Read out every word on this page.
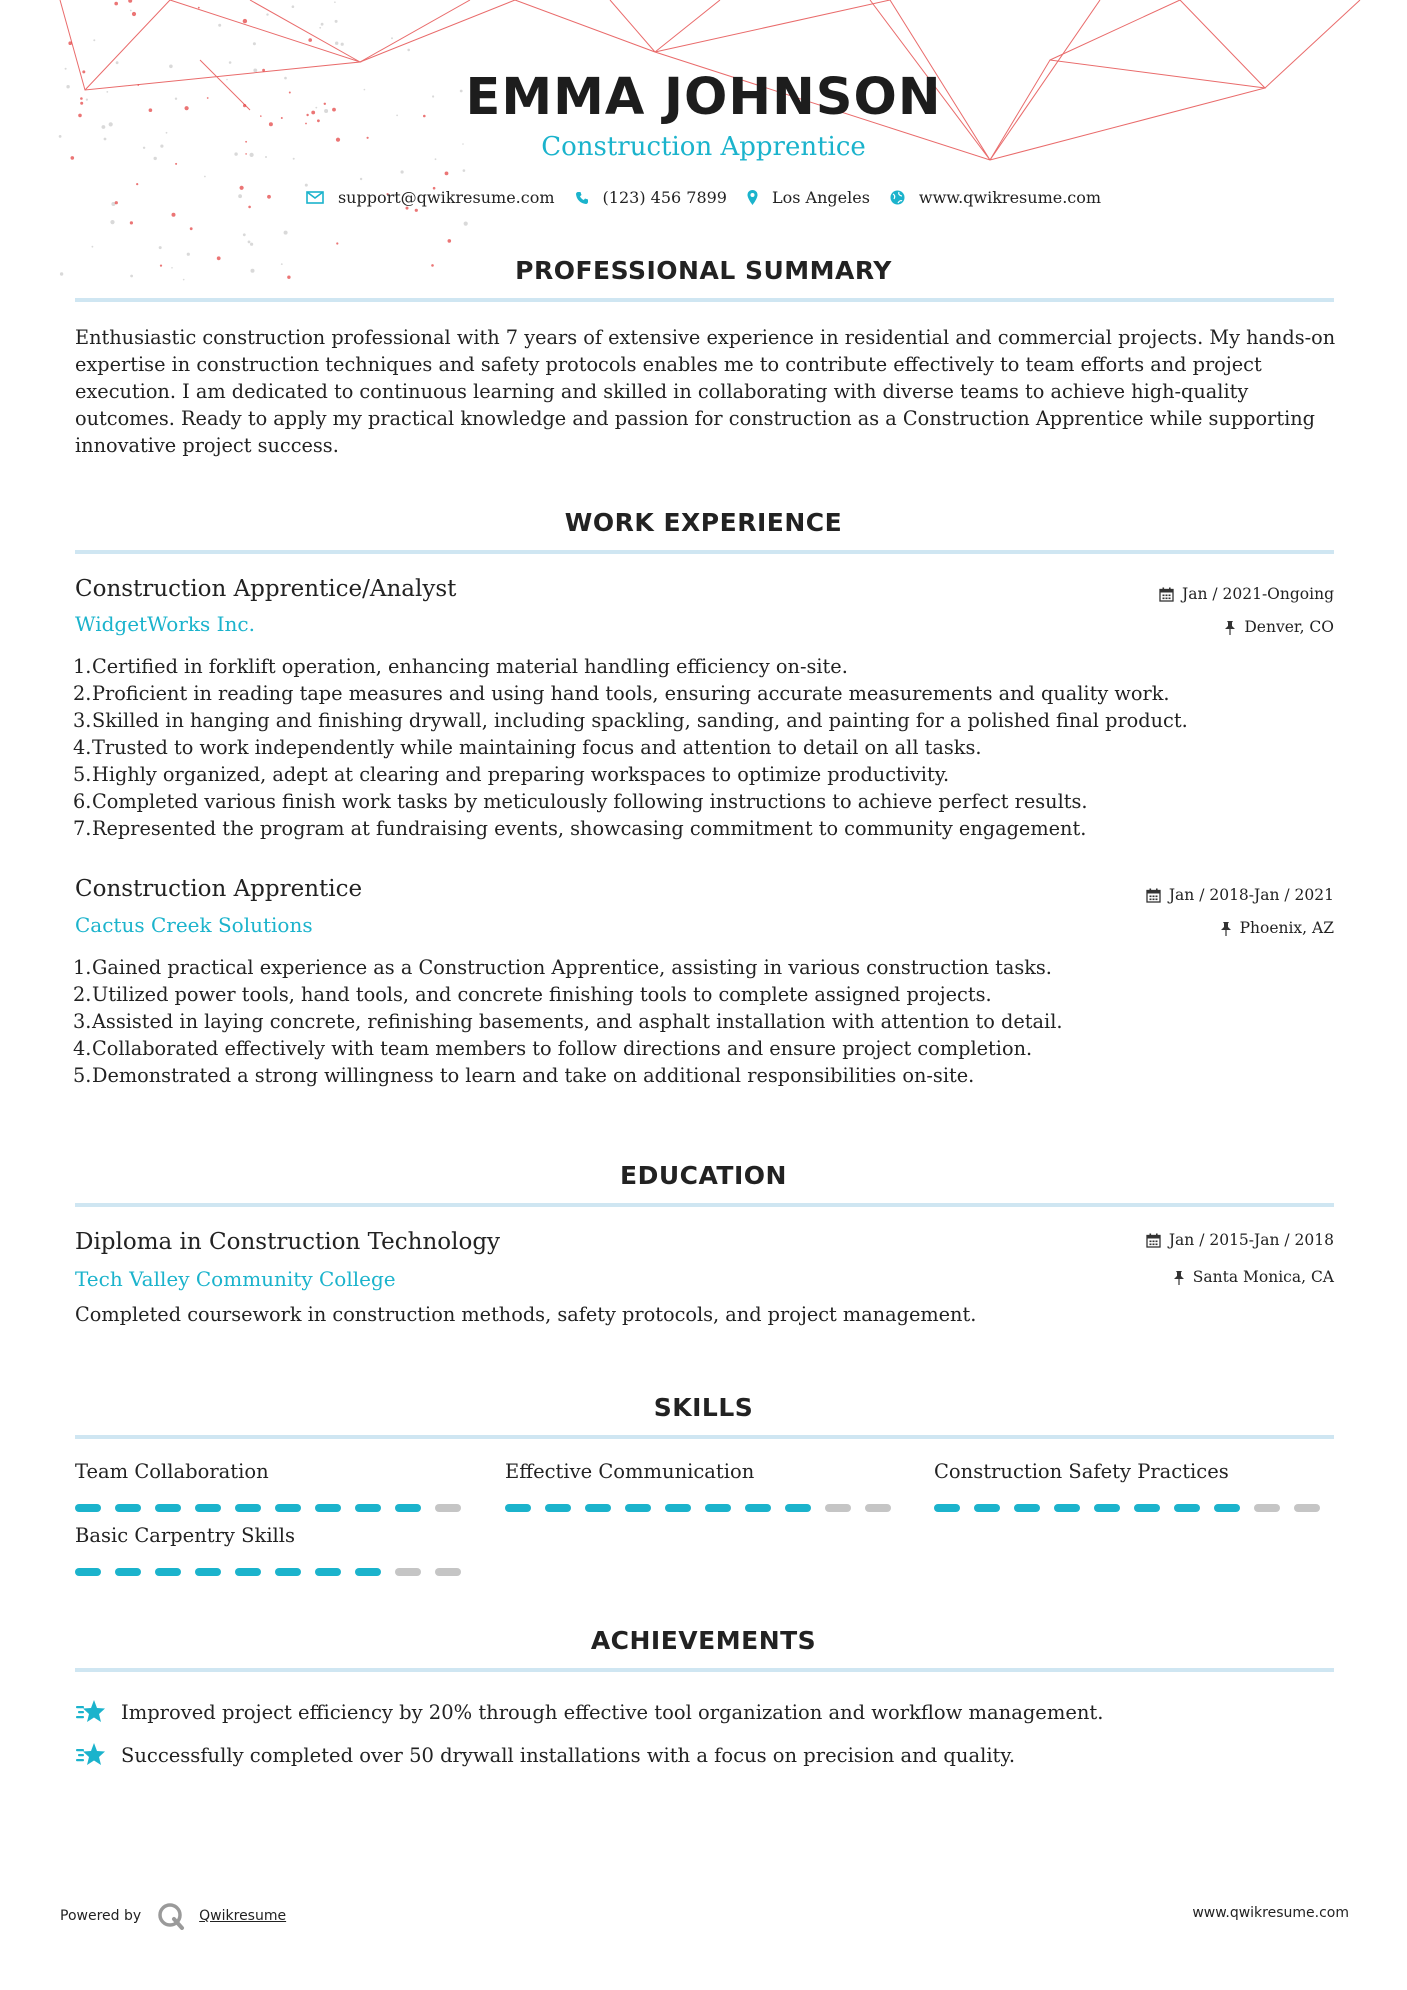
EMMA JOHNSON
Construction Apprentice
support@qwikresume.com	(123) 456 7899	Los Angeles	www.qwikresume.com
PROFESSIONAL SUMMARY

Enthusiastic construction professional with 7 years of extensive experience in residential and commercial projects. My hands-on expertise in construction techniques and safety protocols enables me to contribute effectively to team efforts and project execution. I am dedicated to continuous learning and skilled in collaborating with diverse teams to achieve high-quality outcomes. Ready to apply my practical knowledge and passion for construction as a Construction Apprentice while supporting innovative project success.

WORK EXPERIENCE
Construction Apprentice/Analyst
WidgetWorks Inc.
Jan / 2021-Ongoing
Denver, CO
1.Certified in forklift operation, enhancing material handling efficiency on-site.
2.Proficient in reading tape measures and using hand tools, ensuring accurate measurements and quality work.
3.Skilled in hanging and finishing drywall, including spackling, sanding, and painting for a polished final product.
4.Trusted to work independently while maintaining focus and attention to detail on all tasks.
5.Highly organized, adept at clearing and preparing workspaces to optimize productivity.
6.Completed various finish work tasks by meticulously following instructions to achieve perfect results.
7.Represented the program at fundraising events, showcasing commitment to community engagement.
Construction Apprentice
Cactus Creek Solutions
Jan / 2018-Jan / 2021
Phoenix, AZ
1.Gained practical experience as a Construction Apprentice, assisting in various construction tasks.
2.Utilized power tools, hand tools, and concrete finishing tools to complete assigned projects.
3.Assisted in laying concrete, refinishing basements, and asphalt installation with attention to detail.
4.Collaborated effectively with team members to follow directions and ensure project completion.
5.Demonstrated a strong willingness to learn and take on additional responsibilities on-site.
EDUCATION
Diploma in Construction Technology
Tech Valley Community College
Jan / 2015-Jan / 2018
Santa Monica, CA
Completed coursework in construction methods, safety protocols, and project management.
SKILLS
Team Collaboration	Effective Communication	Construction Safety Practices
Basic Carpentry Skills
ACHIEVEMENTS
Improved project efficiency by 20% through effective tool organization and workflow management.
Successfully completed over 50 drywall installations with a focus on precision and quality.
Powered by	Qwikresume	www.qwikresume.com
